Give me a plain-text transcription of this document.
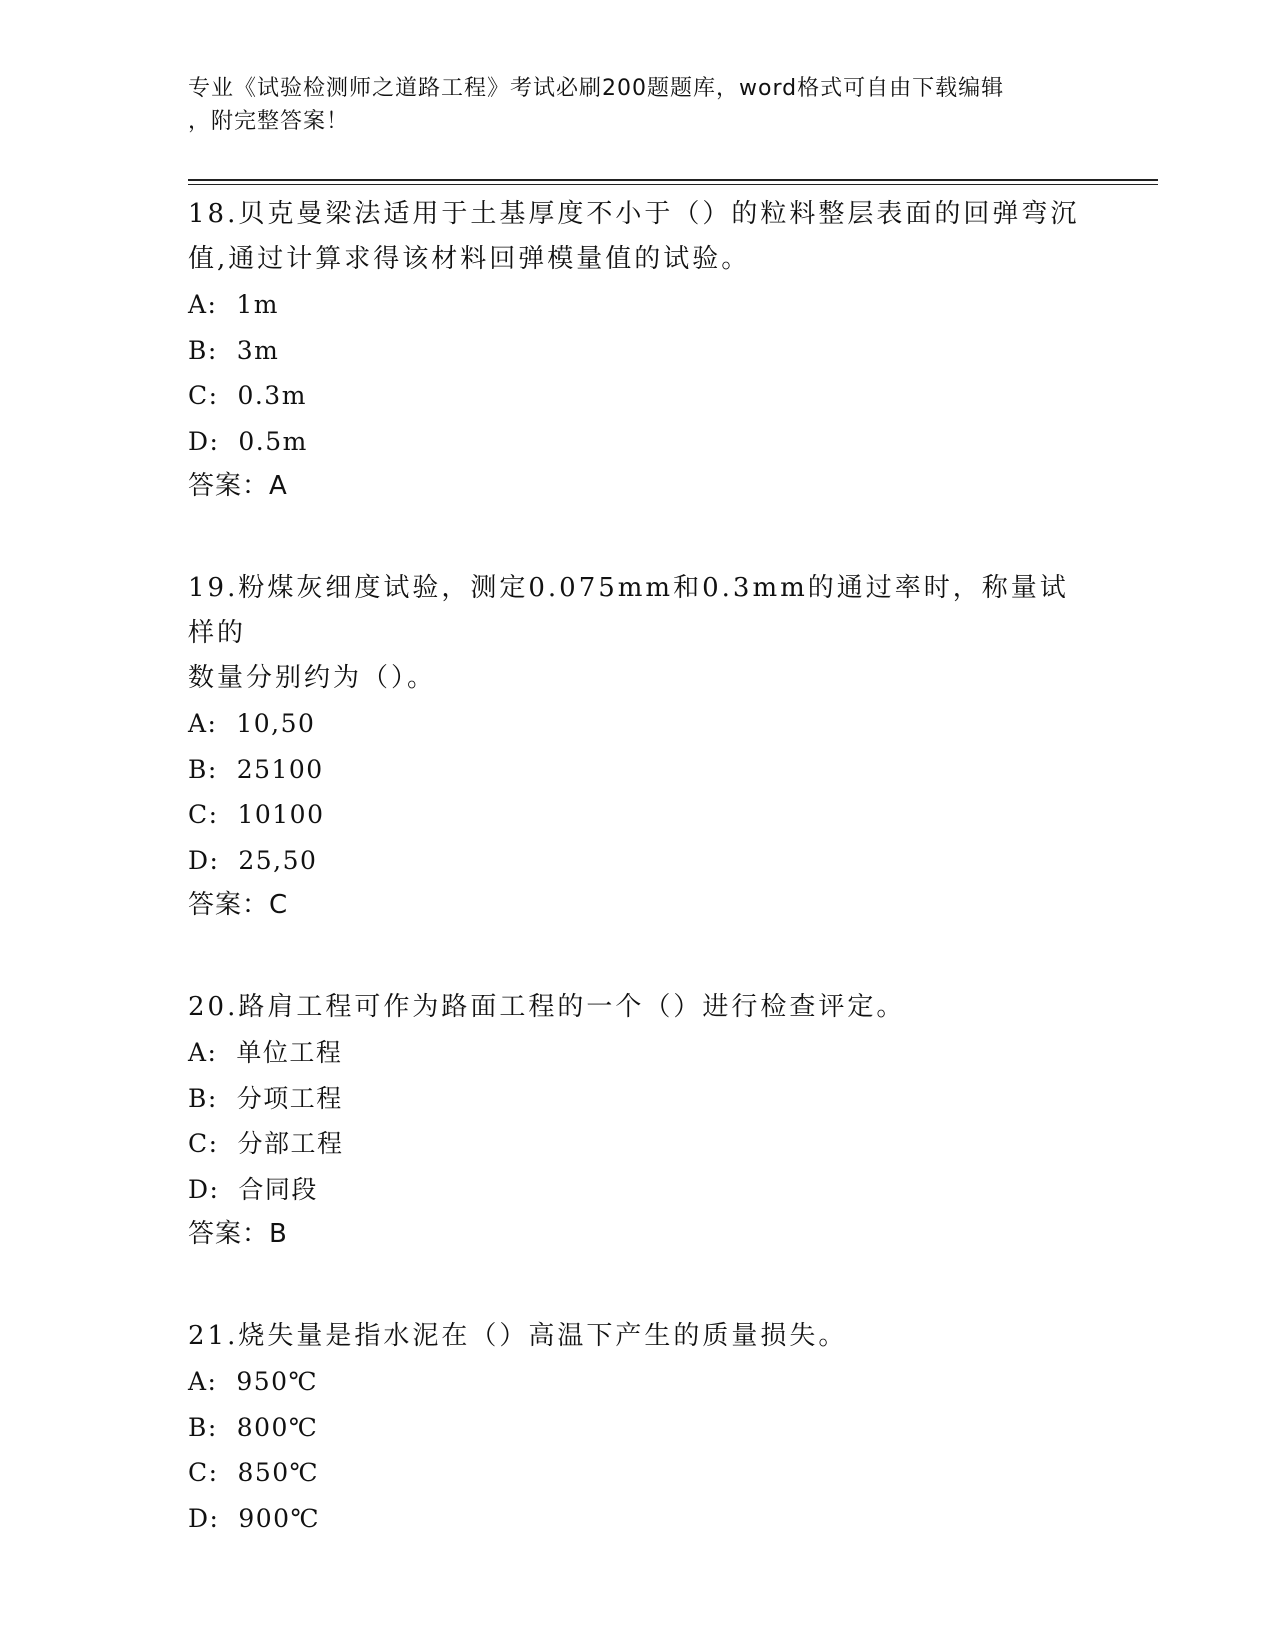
专业《试验检测师之道路工程》考试必刷200题题库，word格式可自由下载编辑
，附完整答案！
18.贝克曼梁法适用于土基厚度不小于（）的粒料整层表面的回弹弯沉
值,通过计算求得该材料回弹模量值的试验。
A:  1m
B:  3m
C:  0.3m
D:  0.5m
答案：A
19.粉煤灰细度试验，测定0.075mm和0.3mm的通过率时，称量试样的
数量分别约为（）。
A:  10,50
B:  25100
C:  10100
D:  25,50
答案：C
20.路肩工程可作为路面工程的一个（）进行检查评定。
A:  单位工程
B:  分项工程
C:  分部工程
D:  合同段
答案：B
21.烧失量是指水泥在（）高温下产生的质量损失。
A:  950℃
B:  800℃
C:  850℃
D:  900℃
